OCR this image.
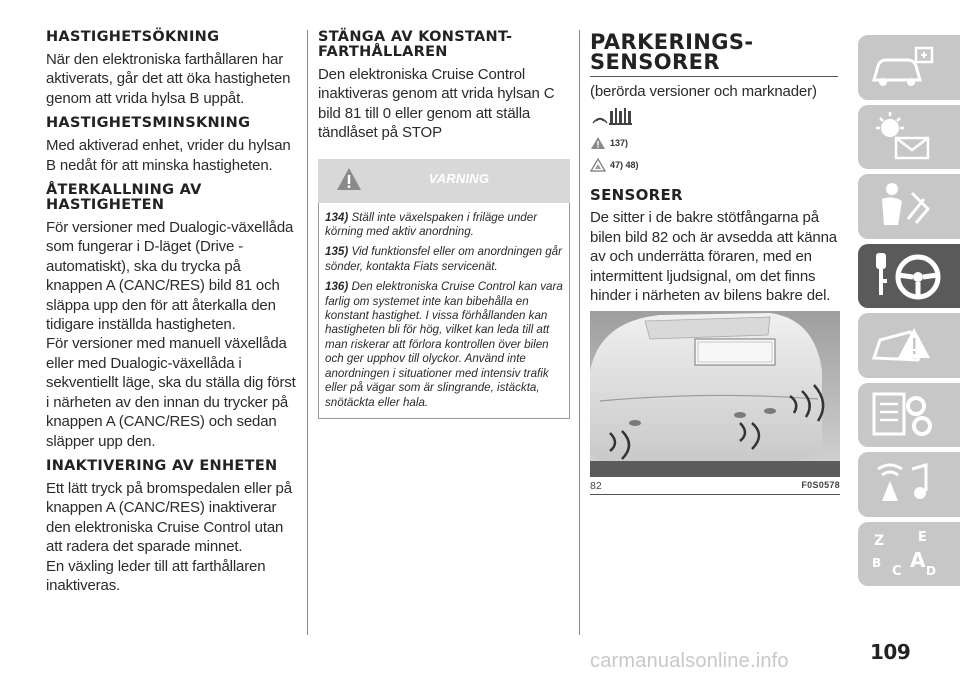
HASTIGHETSÖKNING

När den elektroniska farthållaren har aktiverats, går det att öka hastigheten genom att vrida hylsa B uppåt.

HASTIGHETSMINSKNING

Med aktiverad enhet, vrider du hylsan B nedåt för att minska hastigheten.

ÅTERKALLNING AV HASTIGHETEN

För versioner med Dualogic-växellåda som fungerar i D-läget (Drive - automatiskt), ska du trycka på knappen A (CANC/RES) bild 81 och släppa upp den för att återkalla den tidigare inställda hastigheten.

För versioner med manuell växellåda eller med Dualogic-växellåda i sekventiellt läge, ska du ställa dig först i närheten av den innan du trycker på knappen A (CANC/RES) och sedan släpper upp den.

INAKTIVERING AV ENHETEN

Ett lätt tryck på bromspedalen eller på knappen A (CANC/RES) inaktiverar den elektroniska Cruise Control utan att radera det sparade minnet.

En växling leder till att farthållaren inaktiveras.

STÄNGA AV KONSTANT-FARTHÅLLAREN

Den elektroniska Cruise Control inaktiveras genom att vrida hylsan C bild 81 till 0 eller genom att ställa tändlåset på STOP

VARNING
134) Ställ inte växelspaken i friläge under körning med aktiv anordning.
135) Vid funktionsfel eller om anordningen går sönder, kontakta Fiats servicenät.
136) Den elektroniska Cruise Control kan vara farlig om systemet inte kan bibehålla en konstant hastighet. I vissa förhållanden kan hastigheten bli för hög, vilket kan leda till att man riskerar att förlora kontrollen över bilen och ger upphov till olyckor. Använd inte anordningen i situationer med intensiv trafik eller på vägar som är slingrande, istäckta, snötäckta eller hala.
PARKERINGS-SENSORER

(berörda versioner och marknader)

137)
47) 48)
SENSORER

De sitter i de bakre stötfångarna på bilen bild 82 och är avsedda att känna av och underrätta föraren, med en intermittent ljudsignal, om det finns hinder i närheten av bilens bakre del.

82	F0S0578
Z	E
B
C A D
109
carmanualsonline.info
